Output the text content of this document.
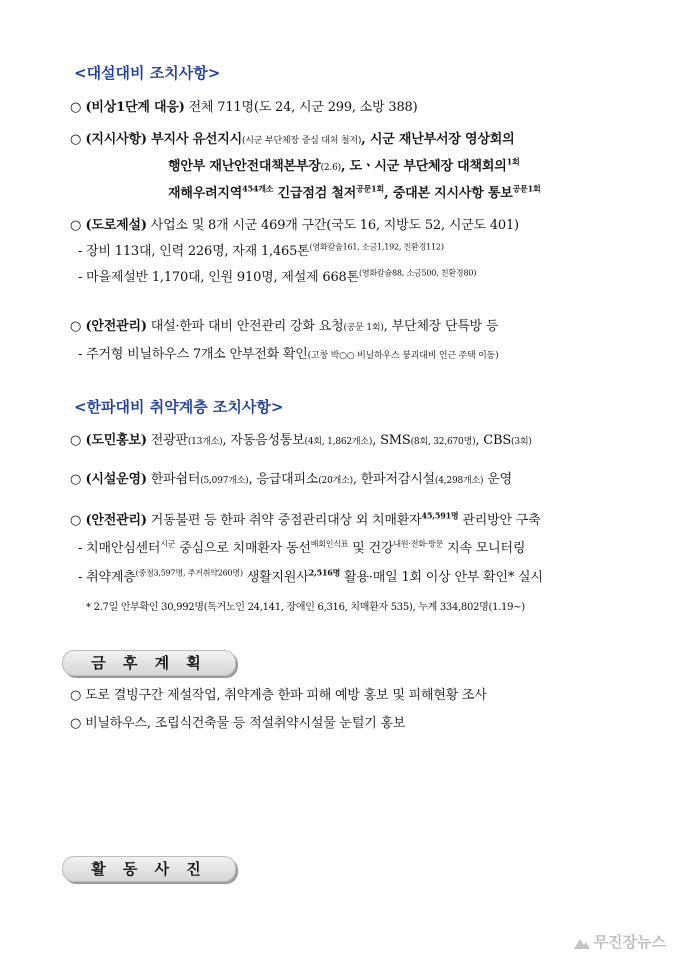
<대설대비 조치사항>
○ (비상1단계 대응) 전체 711명(도 24, 시군 299, 소방 388)
○ (지시사항) 부지사 유선지시(시군 부단체장 중심 대처 철저), 시군 재난부서장 영상회의
행안부 재난안전대책본부장(2.6), 도ㆍ시군 부단체장 대책회의$^{1회}$
재해우려지역$^{454개소}$ 긴급점검 철저$^{공문1회}$, 중대본 지시사항 통보$^{공문1회}$
○ (도로제설) 사업소 및 8개 시군 469개 구간(국도 16, 지방도 52, 시군도 401)
- 장비 113대, 인력 226명, 자재 1,465톤$^{(염화칼슘161, 소금1,192, 친환경112)}$
- 마을제설반 1,170대, 인원 910명, 제설제 668톤$^{(염화칼슘88, 소금500, 친환경80)}$
○ (안전관리) 대설·한파 대비 안전관리 강화 요청(공문 1회), 부단체장 단특방 등
- 주거형 비닐하우스 7개소 안부전화 확인(고창 박○○ 비닐하우스 붕괴대비 인근 주택 이동)
<한파대비 취약계층 조치사항>
○ (도민홍보) 전광판(13개소), 자동음성통보(4회, 1,862개소), SMS(8회, 32,670명), CBS(3회)
○ (시설운영) 한파쉼터(5,097개소), 응급대피소(20개소), 한파저감시설(4,298개소) 운영
○ (안전관리) 거동불편 등 한파 취약 중점관리대상 외 치매환자$^{45,591명}$ 관리방안 구축
- 치매안심센터$^{시군}$ 중심으로 치매환자 동선$^{배회인식표}$ 및 건강$^{내원\cdot 전화\cdot 방문}$ 지속 모니터링
- 취약계층$^{(중점3,597명, 주거취약260명)}$ 생활지원사$^{2,516명}$ 활용·매일 1회 이상 안부 확인* 실시
* 2.7일 안부확인 30,992명(독거노인 24,141, 장애인 6,316, 치매환자 535), 누계 334,802명(1.19~)
금 후 계 획
○ 도로 결빙구간 제설작업, 취약계층 한파 피해 예방 홍보 및 피해현황 조사
○ 비닐하우스, 조립식건축물 등 적설취약시설물 눈털기 홍보
활 동 사 진
무진장뉴스
